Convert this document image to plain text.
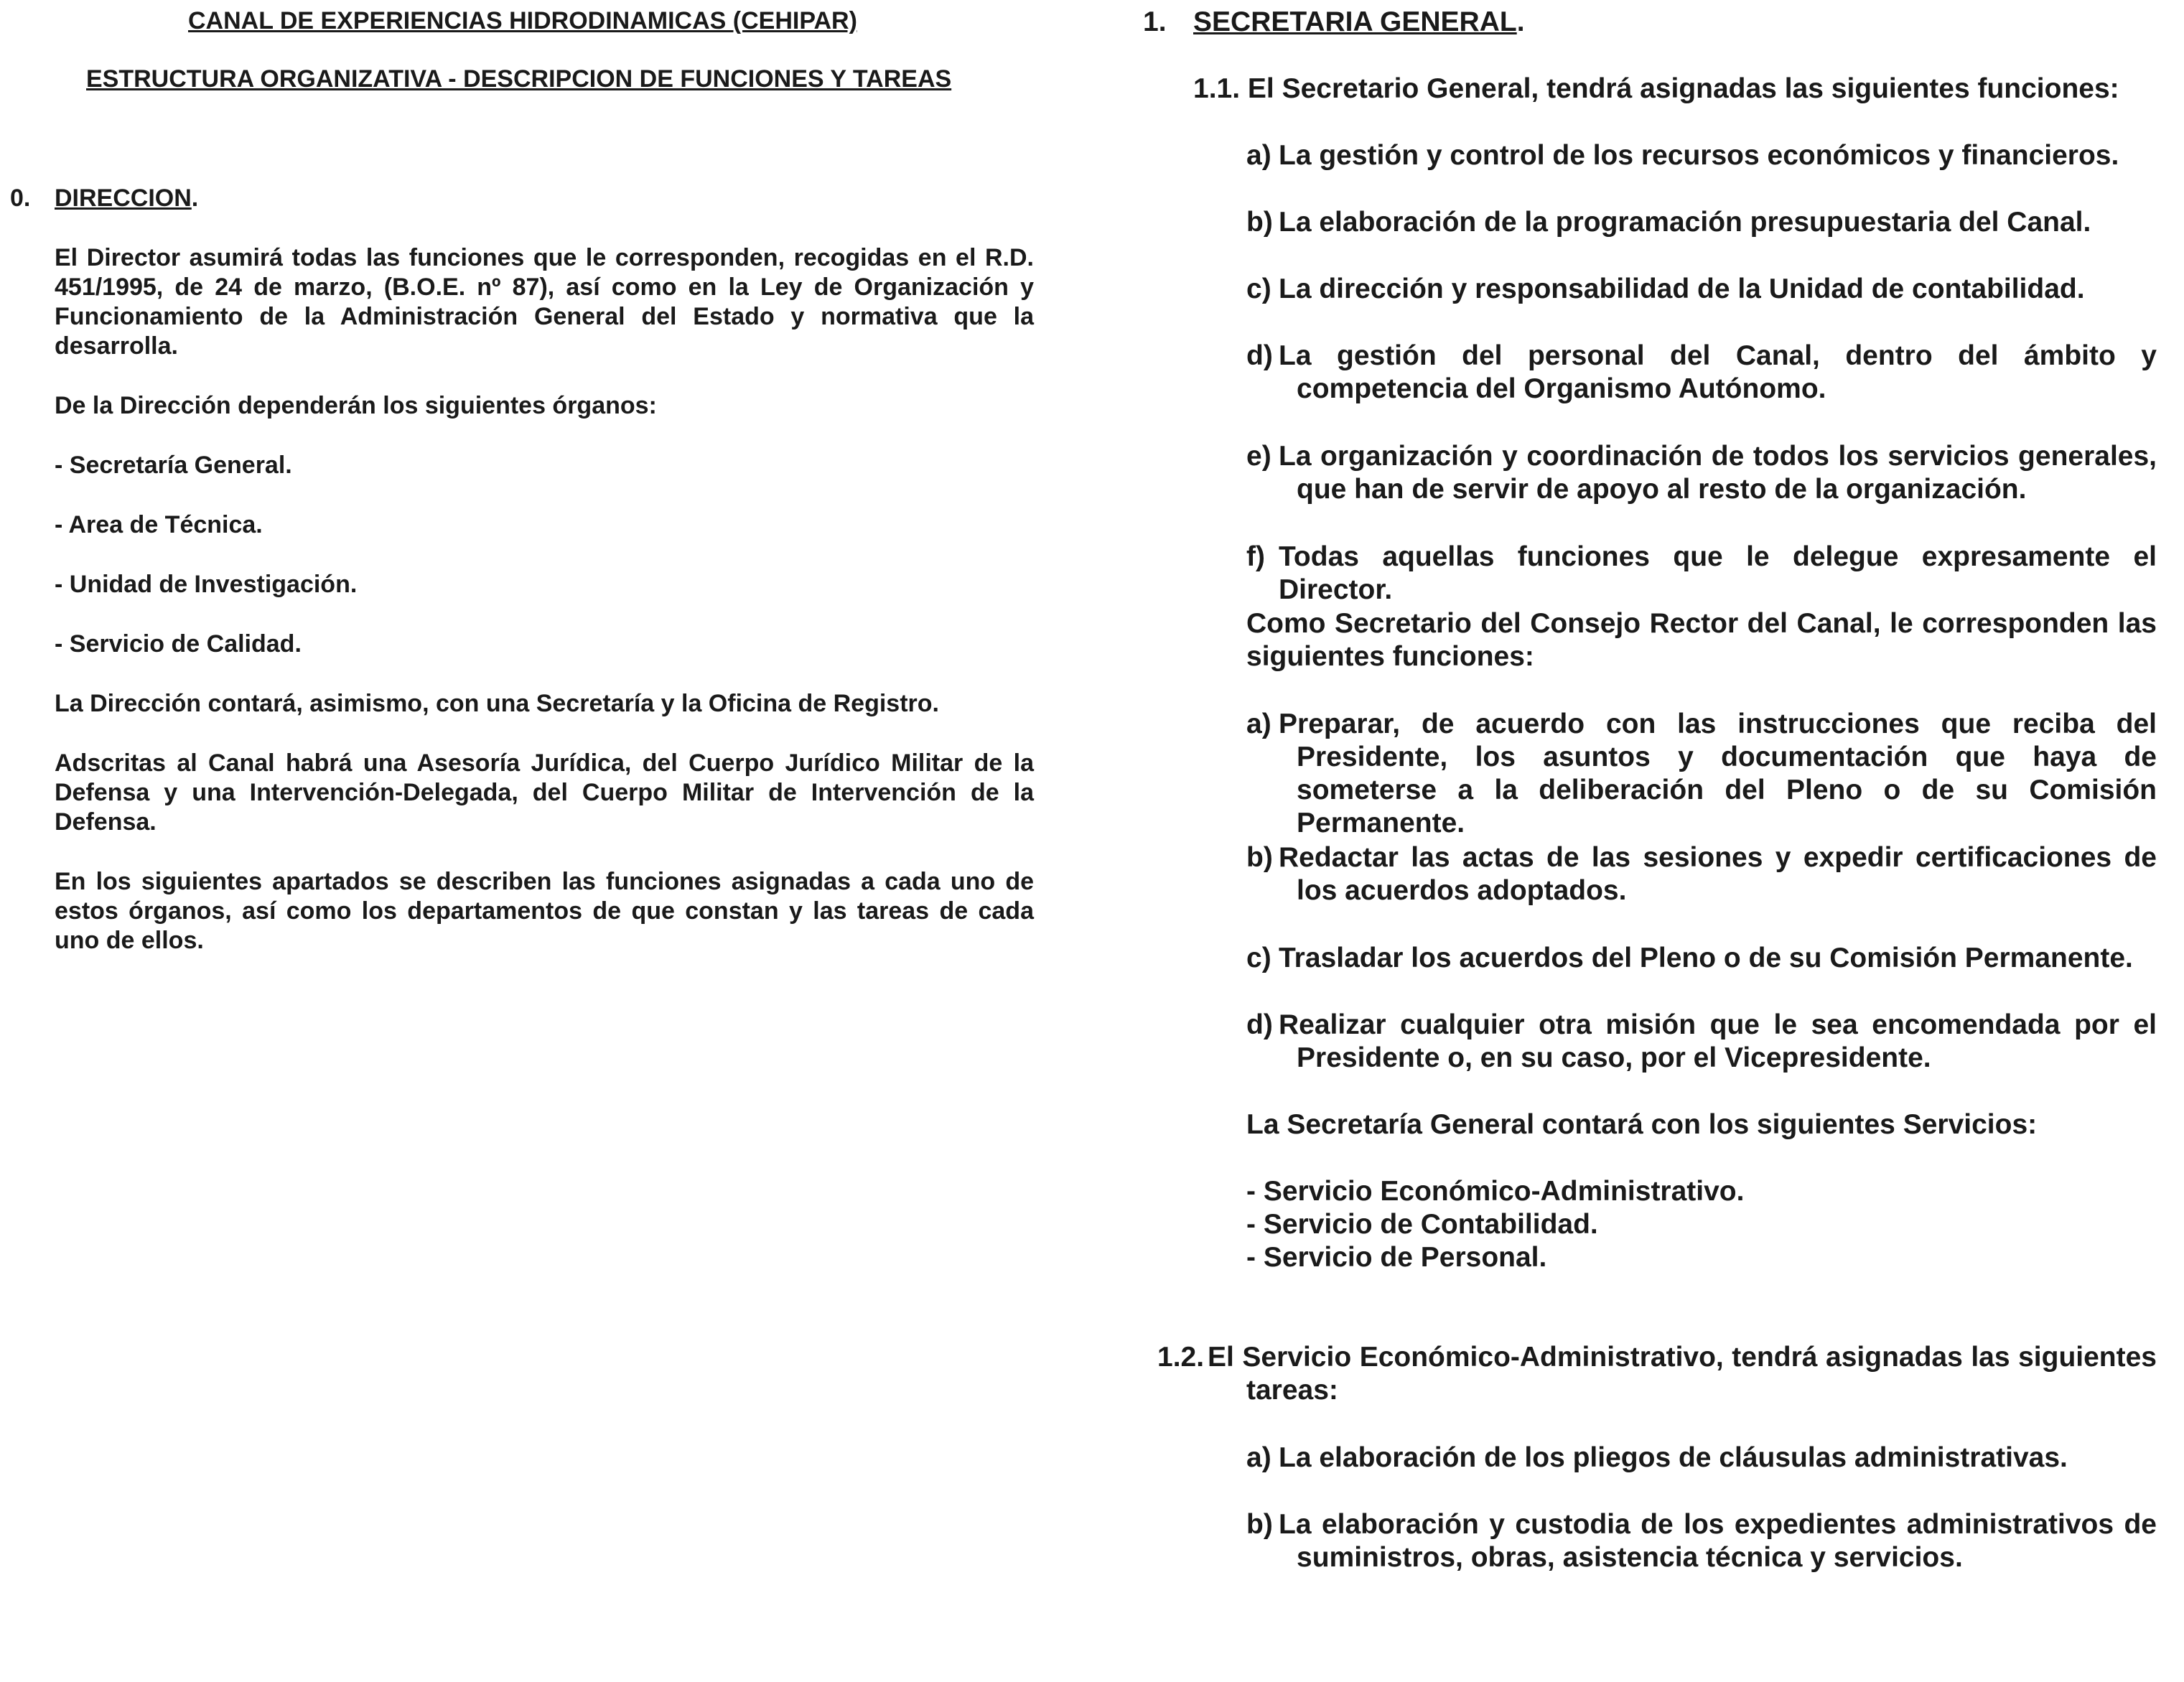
CANAL DE EXPERIENCIAS HIDRODINAMICAS (CEHIPAR)
ESTRUCTURA ORGANIZATIVA - DESCRIPCION DE FUNCIONES Y TAREAS
0. DIRECCION.

El Director asumirá todas las funciones que le corresponden, recogidas en el R.D. 451/1995, de 24 de marzo, (B.O.E. nº 87), así como en la Ley de Organización y Funcionamiento de la Administración General del Estado y normativa que la desarrolla.

De la Dirección dependerán los siguientes órganos:

- Secretaría General.

- Area de Técnica.

- Unidad de Investigación.

- Servicio de Calidad.

La Dirección contará, asimismo, con una Secretaría y la Oficina de Registro.

Adscritas al Canal habrá una Asesoría Jurídica, del Cuerpo Jurídico Militar de la Defensa y una Intervención-Delegada, del Cuerpo Militar de Intervención de la Defensa.

En los siguientes apartados se describen las funciones asignadas a cada uno de estos órganos, así como los departamentos de que constan y las tareas de cada uno de ellos.

1. SECRETARIA GENERAL.

1.1. El Secretario General, tendrá asignadas las siguientes funciones:

a) La gestión y control de los recursos económicos y financieros.
b) La elaboración de la programación presupuestaria del Canal.
c) La dirección y responsabilidad de la Unidad de contabilidad.
d) La gestión del personal del Canal, dentro del ámbito y competencia del Organismo Autónomo.
e) La organización y coordinación de todos los servicios generales, que han de servir de apoyo al resto de la organización.
f) Todas aquellas funciones que le delegue expresamente el Director.

Como Secretario del Consejo Rector del Canal, le corresponden las siguientes funciones:

a) Preparar, de acuerdo con las instrucciones que reciba del Presidente, los asuntos y documentación que haya de someterse a la deliberación del Pleno o de su Comisión Permanente.
b) Redactar las actas de las sesiones y expedir certificaciones de los acuerdos adoptados.
c) Trasladar los acuerdos del Pleno o de su Comisión Permanente.
d) Realizar cualquier otra misión que le sea encomendada por el Presidente o, en su caso, por el Vicepresidente.

La Secretaría General contará con los siguientes Servicios:

- Servicio Económico-Administrativo.

- Servicio de Contabilidad.

- Servicio de Personal.

1.2. El Servicio Económico-Administrativo, tendrá asignadas las siguientes tareas:

a) La elaboración de los pliegos de cláusulas administrativas.
b) La elaboración y custodia de los expedientes administrativos de suministros, obras, asistencia técnica y servicios.
